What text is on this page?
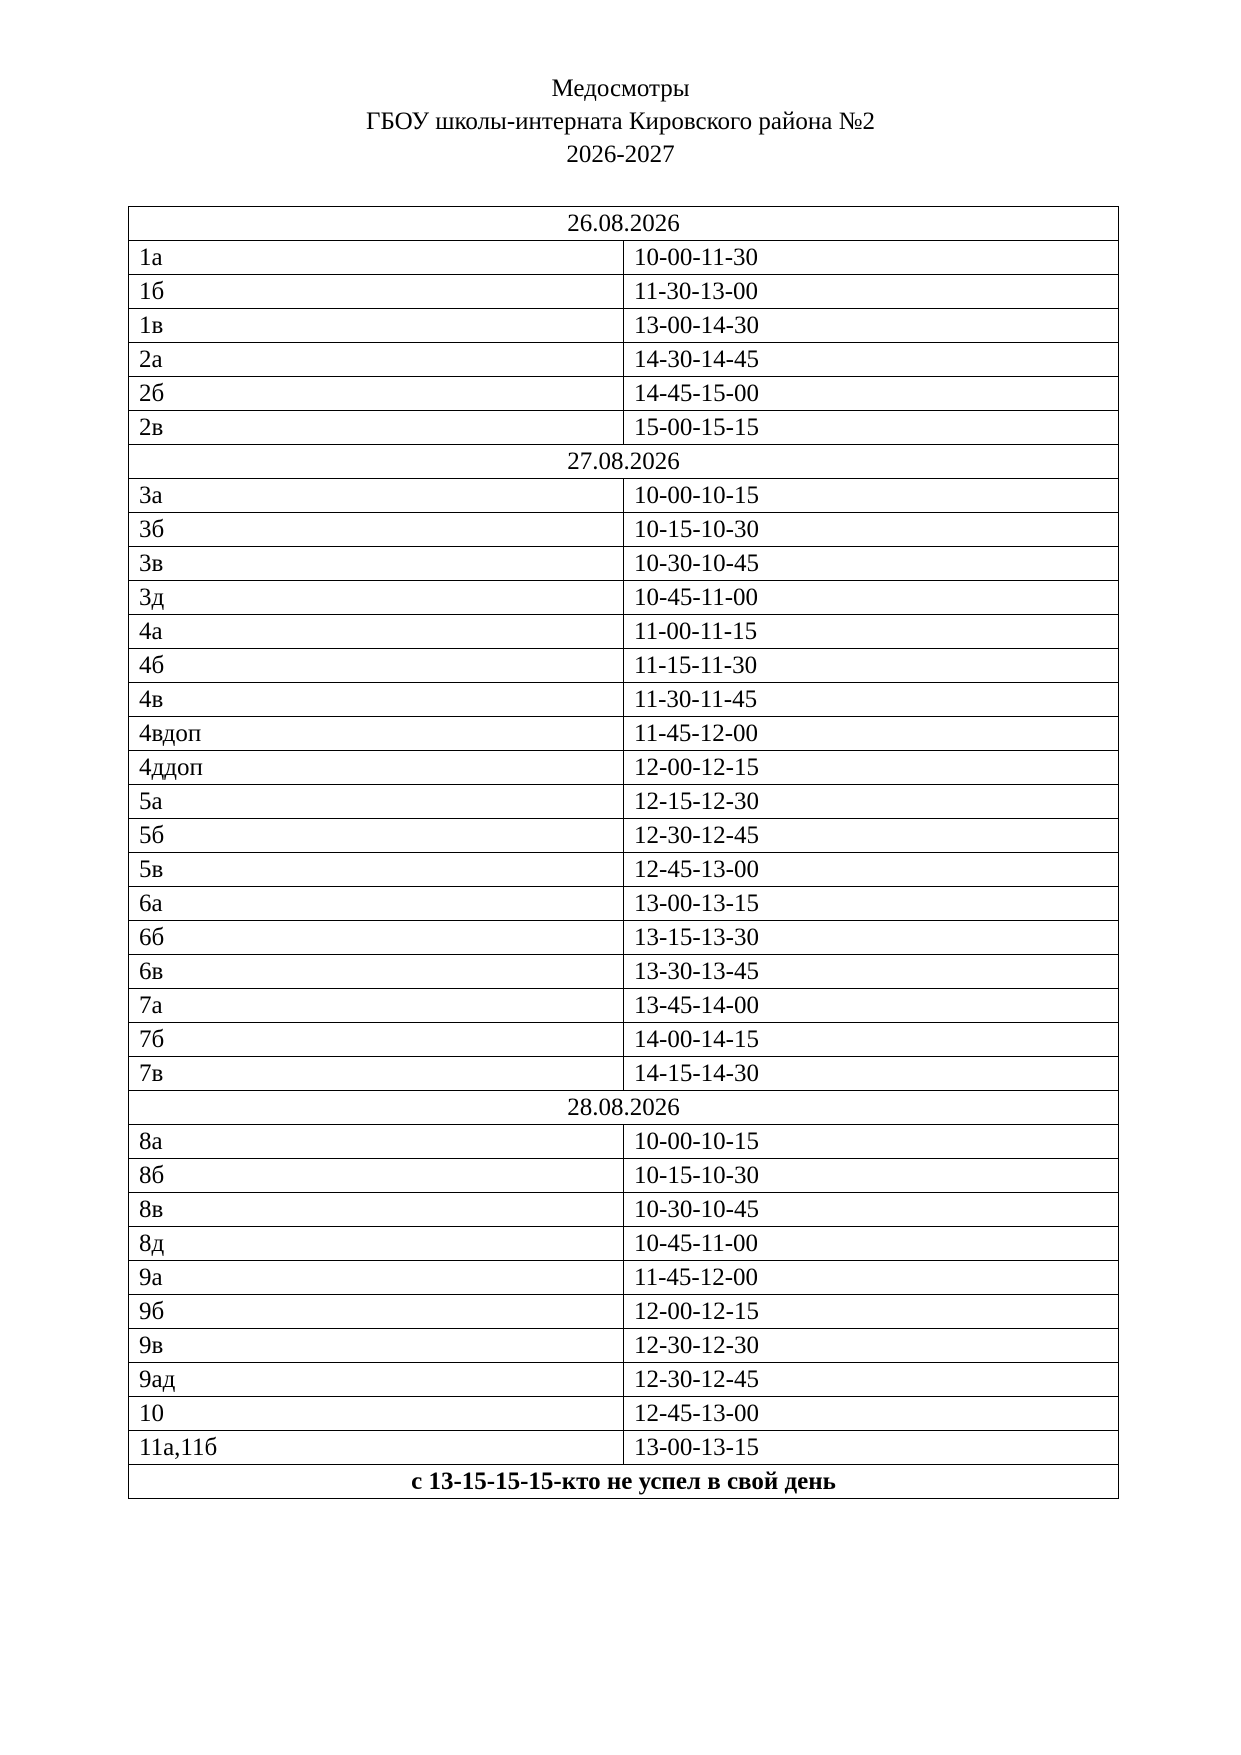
Медосмотры
ГБОУ школы-интерната Кировского района №2
2026-2027
26.08.2026	
1а	10-00-11-30
1б	11-30-13-00
1в	13-00-14-30
2а	14-30-14-45
2б	14-45-15-00
2в	15-00-15-15
27.08.2026	
3а	10-00-10-15
3б	10-15-10-30
3в	10-30-10-45
3д	10-45-11-00
4а	11-00-11-15
4б	11-15-11-30
4в	11-30-11-45
4вдоп	11-45-12-00
4ддоп	12-00-12-15
5а	12-15-12-30
5б	12-30-12-45
5в	12-45-13-00
6а	13-00-13-15
6б	13-15-13-30
6в	13-30-13-45
7а	13-45-14-00
7б	14-00-14-15
7в	14-15-14-30
28.08.2026	
8а	10-00-10-15
8б	10-15-10-30
8в	10-30-10-45
8д	10-45-11-00
9а	11-45-12-00
9б	12-00-12-15
9в	12-30-12-30
9ад	12-30-12-45
10	12-45-13-00
11а,11б	13-00-13-15
с 13-15-15-15-кто не успел в свой день	
